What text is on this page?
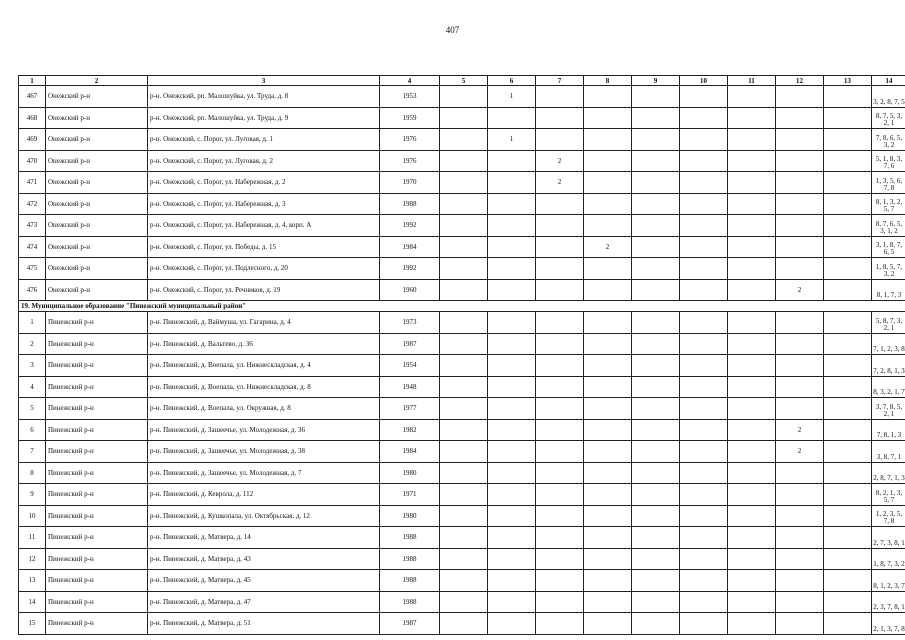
407
1	2	3	4	5	6	7	8	9	10	11	12	13	14
467	Онежский р-н	р-н. Онежский, рп. Малошуйка, ул. Труда, д. 8	1953		1								3, 2, 8, 7, 5
468	Онежский р-н	р-н. Онежский, рп. Малошуйка, ул. Труда, д. 9	1959										8, 7, 5, 3, 2, 1
469	Онежский р-н	р-н. Онежский, с. Порог, ул. Луговая, д. 1	1976		1								7, 8, 6, 5, 3, 2
470	Онежский р-н	р-н. Онежский, с. Порог, ул. Луговая, д. 2	1976			2							5, 1, 8, 3, 7, 6
471	Онежский р-н	р-н. Онежский, с. Порог, ул. Набережная, д. 2	1970			2							1, 3, 5, 6, 7, 8
472	Онежский р-н	р-н. Онежский, с. Порог, ул. Набережная, д. 3	1988										8, 1, 3, 2, 5, 7
473	Онежский р-н	р-н. Онежский, с. Порог, ул. Набережная, д. 4, корп. А	1992										8, 7, 6, 5, 3, 1, 2
474	Онежский р-н	р-н. Онежский, с. Порог, ул. Победы, д. 15	1984				2						3, 1, 8, 7, 6, 5
475	Онежский р-н	р-н. Онежский, с. Порог, ул. Подлесного, д. 20	1992										1, 8, 5, 7, 3, 2
476	Онежский р-н	р-н. Онежский, с. Порог, ул. Речников, д. 19	1960								2		8, 1, 7, 3
19. Муниципальное образование "Пинежский муниципальный район"													
1	Пинежский р-н	р-н. Пинежский, д. Ваймуша, ул. Гагарина, д. 4	1973										5, 8, 7, 3, 2, 1
2	Пинежский р-н	р-н. Пинежский, д. Вальтево, д. 36	1987										7, 1, 2, 3, 8
3	Пинежский р-н	р-н. Пинежский, д. Воепала, ул. Нижнескладская, д. 4	1954										7, 2, 8, 1, 3
4	Пинежский р-н	р-н. Пинежский, д. Воепала, ул. Нижнескладская, д. 8	1948										8, 3, 2, 1, 7
5	Пинежский р-н	р-н. Пинежский, д. Воепала, ул. Окружная, д. 8	1977										3, 7, 8, 5, 2, 1
6	Пинежский р-н	р-н. Пинежский, д. Зашеечье, ул. Молодежная, д. 36	1982								2		7, 8, 1, 3
7	Пинежский р-н	р-н. Пинежский, д. Зашеечье, ул. Молодежная, д. 38	1984								2		3, 8, 7, 1
8	Пинежский р-н	р-н. Пинежский, д. Зашеечье, ул. Молодежная, д. 7	1980										2, 8, 7, 1, 3
9	Пинежский р-н	р-н. Пинежский, д. Кеврола, д. 112	1971										8, 2, 1, 3, 5, 7
10	Пинежский р-н	р-н. Пинежский, д. Кушкопала, ул. Октябрьская, д. 12	1980										1, 2, 3, 5, 7, 8
11	Пинежский р-н	р-н. Пинежский, д. Матвера, д. 14	1988										2, 7, 3, 8, 1
12	Пинежский р-н	р-н. Пинежский, д. Матвера, д. 43	1988										1, 8, 7, 3, 2
13	Пинежский р-н	р-н. Пинежский, д. Матвера, д. 45	1988										8, 1, 2, 3, 7
14	Пинежский р-н	р-н. Пинежский, д. Матвера, д. 47	1988										2, 3, 7, 8, 1
15	Пинежский р-н	р-н. Пинежский, д. Матвера, д. 51	1987										2, 1, 3, 7, 8
